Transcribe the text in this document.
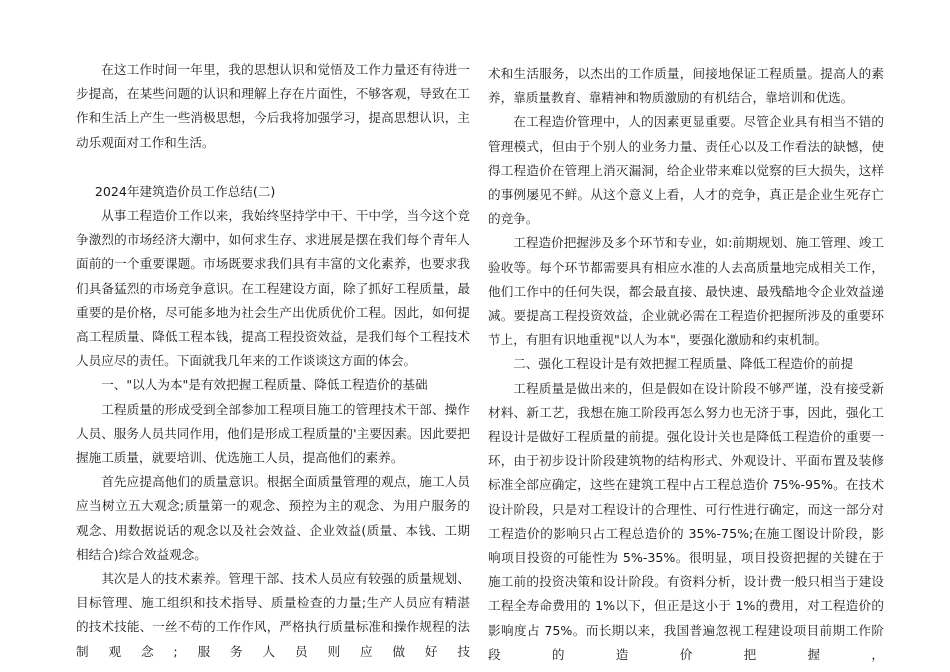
在这工作时间一年里，我的思想认识和觉悟及工作力量还有待进一步提高，在某些问题的认识和理解上存在片面性，不够客观，导致在工作和生活上产生一些消极思想，今后我将加强学习，提高思想认识，主动乐观面对工作和生活。

2024年建筑造价员工作总结(二)

从事工程造价工作以来，我始终坚持学中干、干中学，当今这个竞争激烈的市场经济大潮中，如何求生存、求进展是摆在我们每个青年人面前的一个重要课题。市场既要求我们具有丰富的文化素养，也要求我们具备猛烈的市场竞争意识。在工程建设方面，除了抓好工程质量，最重要的是价格，尽可能多地为社会生产出优质优价工程。因此，如何提高工程质量、降低工程本钱，提高工程投资效益，是我们每个工程技术人员应尽的责任。下面就我几年来的工作谈谈这方面的体会。

一、"以人为本"是有效把握工程质量、降低工程造价的基础

工程质量的形成受到全部参加工程项目施工的管理技术干部、操作人员、服务人员共同作用，他们是形成工程质量的'主要因素。因此要把握施工质量，就要培训、优选施工人员，提高他们的素养。

首先应提高他们的质量意识。根据全面质量管理的观点，施工人员应当树立五大观念;质量第一的观念、预控为主的观念、为用户服务的观念、用数据说话的观念以及社会效益、企业效益(质量、本钱、工期相结合)综合效益观念。

其次是人的技术素养。管理干部、技术人员应有较强的质量规划、目标管理、施工组织和技术指导、质量检查的力量;生产人员应有精湛的技术技能、一丝不苟的工作作风，严格执行质量标准和操作规程的法制观念;服务人员则应做好技

术和生活服务，以杰出的工作质量，间接地保证工程质量。提高人的素养，靠质量教育、靠精神和物质激励的有机结合，靠培训和优选。

在工程造价管理中，人的因素更显重要。尽管企业具有相当不错的管理模式，但由于个别人的业务力量、责任心以及工作看法的缺憾，使得工程造价在管理上消灭漏洞，给企业带来难以觉察的巨大损失，这样的事例屡见不鲜。从这个意义上看，人才的竞争，真正是企业生死存亡的竞争。

工程造价把握涉及多个环节和专业，如:前期规划、施工管理、竣工验收等。每个环节都需要具有相应水准的人去高质量地完成相关工作，他们工作中的任何失误，都会最直接、最快速、最残酷地令企业效益递减。要提高工程投资效益，企业就必需在工程造价把握所涉及的重要环节上，有胆有识地重视"以人为本"，要强化激励和约束机制。

二、强化工程设计是有效把握工程质量、降低工程造价的前提

工程质量是做出来的，但是假如在设计阶段不够严谨，没有接受新材料、新工艺，我想在施工阶段再怎么努力也无济于事，因此，强化工程设计是做好工程质量的前提。强化设计关也是降低工程造价的重要一环，由于初步设计阶段建筑物的结构形式、外观设计、平面布置及装修标准全部应确定，这些在建筑工程中占工程总造价 75%-95%。在技术设计阶段，只是对工程设计的合理性、可行性进行确定，而这一部分对工程造价的影响只占工程总造价的 35%-75%;在施工图设计阶段，影响项目投资的可能性为 5%-35%。很明显，项目投资把握的关键在于施工前的投资决策和设计阶段。有资料分析，设计费一般只相当于建设工程全寿命费用的 1%以下，但正是这小于 1%的费用，对工程造价的影响度占 75%。而长期以来，我国普遍忽视工程建设项目前期工作阶段的造价把握，
